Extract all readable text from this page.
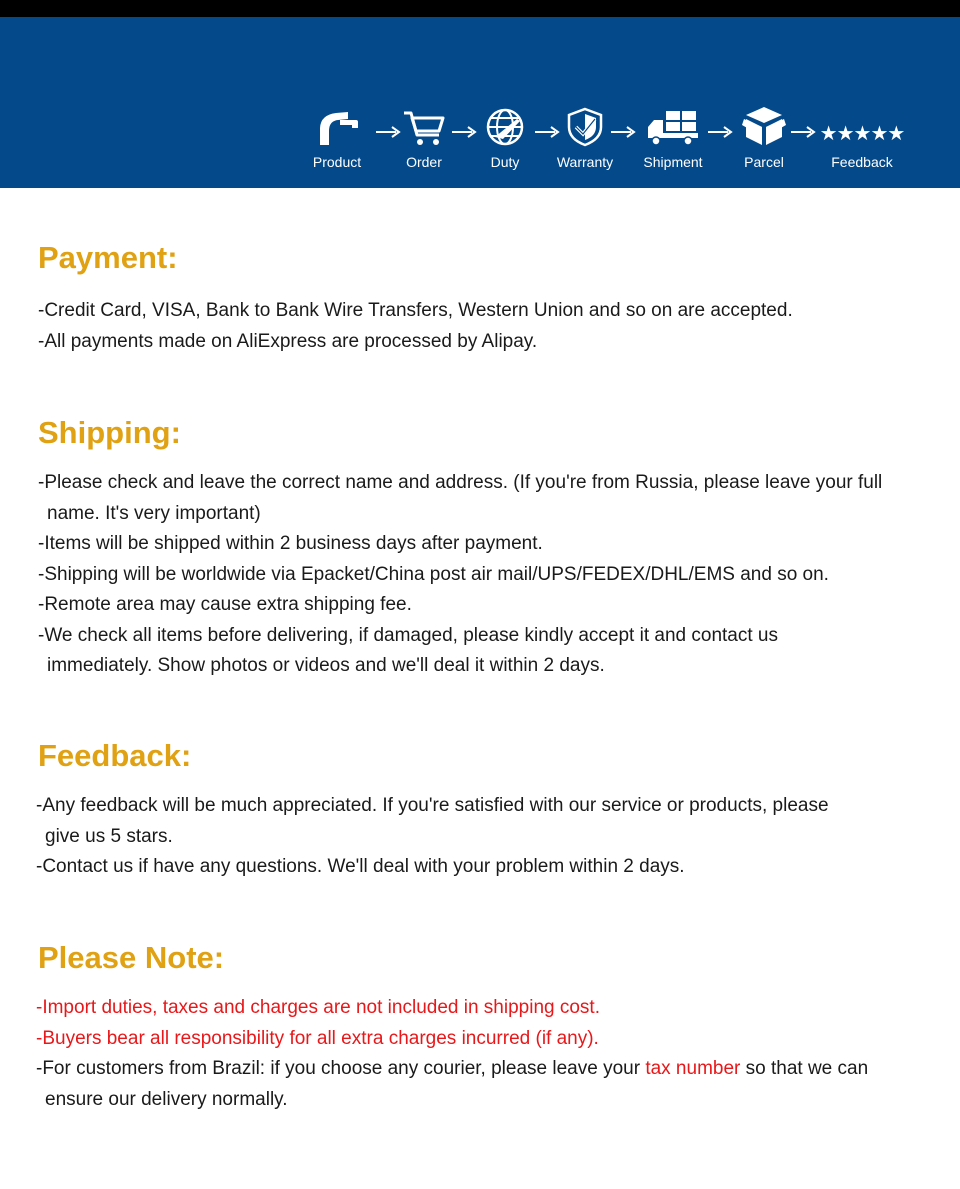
Product	Order	Duty	Warranty Shipment	Parcel
★★★★★
Feedback
Payment:
-Credit Card, VISA, Bank to Bank Wire Transfers, Western Union and so on are accepted.
-All payments made on AliExpress are processed by Alipay.
Shipping:
-Please check and leave the correct name and address. (If you're from Russia, please leave your full
name. It's very important)
-Items will be shipped within 2 business days after payment.
-Shipping will be worldwide via Epacket/China post air mail/UPS/FEDEX/DHL/EMS and so on.
-Remote area may cause extra shipping fee.
-We check all items before delivering, if damaged, please kindly accept it and contact us
immediately. Show photos or videos and we'll deal it within 2 days.
Feedback:
-Any feedback will be much appreciated. If you're satisfied with our service or products, please
give us 5 stars.
-Contact us if have any questions. We'll deal with your problem within 2 days.
Please Note:
-Import duties, taxes and charges are not included in shipping cost.
-Buyers bear all responsibility for all extra charges incurred (if any).
-For customers from Brazil: if you choose any courier, please leave your tax number so that we can
ensure our delivery normally.
